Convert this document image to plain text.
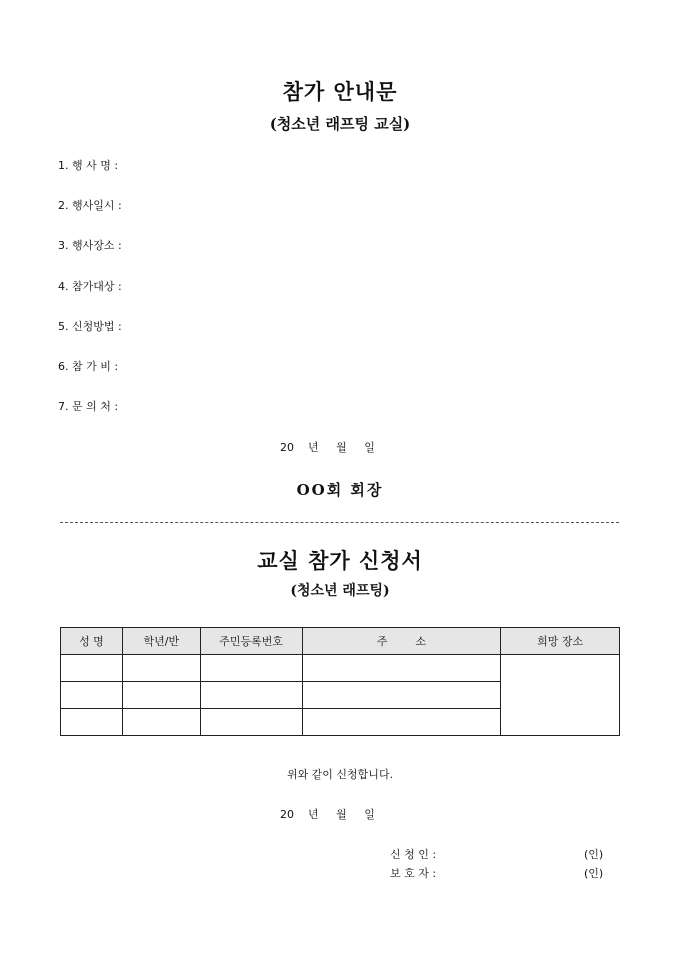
참가 안내문
(청소년 래프팅 교실)
1. 행 사 명 :
2. 행사일시 :
3. 행사장소 :
4. 참가대상 :
5. 신청방법 :
6. 참 가 비 :
7. 문 의 처 :
20    년     월     일
OO회 회장
교실 참가 신청서
(청소년 래프팅)
성 명	학년/반	주민등록번호	주        소	희망 장소

위와 같이 신청합니다.
20    년     월     일
신 청 인 :	(인)
보 호 자 :	(인)
